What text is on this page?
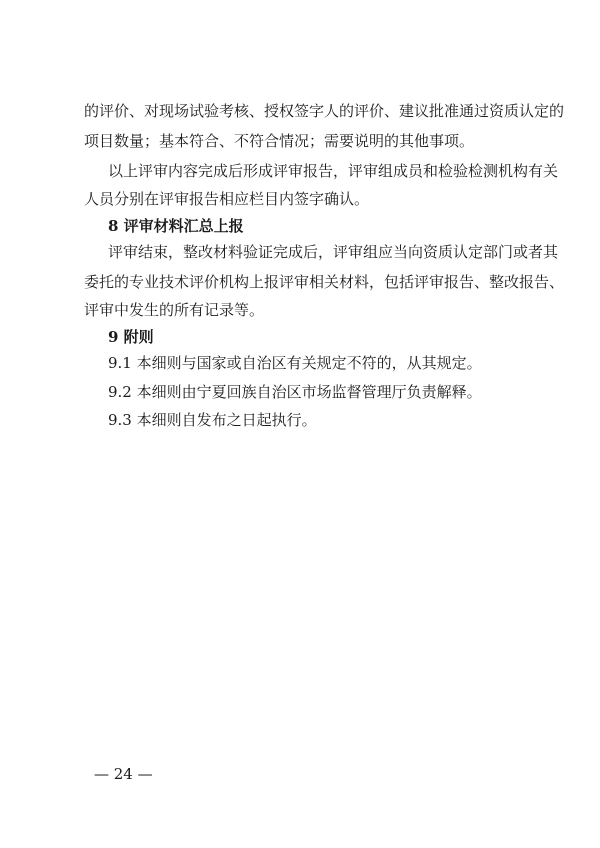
的评价、对现场试验考核、授权签字人的评价、建议批准通过资质认定的
项目数量；基本符合、不符合情况；需要说明的其他事项。
以上评审内容完成后形成评审报告，评审组成员和检验检测机构有关
人员分别在评审报告相应栏目内签字确认。
8 评审材料汇总上报
评审结束，整改材料验证完成后，评审组应当向资质认定部门或者其
委托的专业技术评价机构上报评审相关材料，包括评审报告、整改报告、
评审中发生的所有记录等。
9 附则
9.1 本细则与国家或自治区有关规定不符的，从其规定。
9.2 本细则由宁夏回族自治区市场监督管理厅负责解释。
9.3 本细则自发布之日起执行。
— 24 —
